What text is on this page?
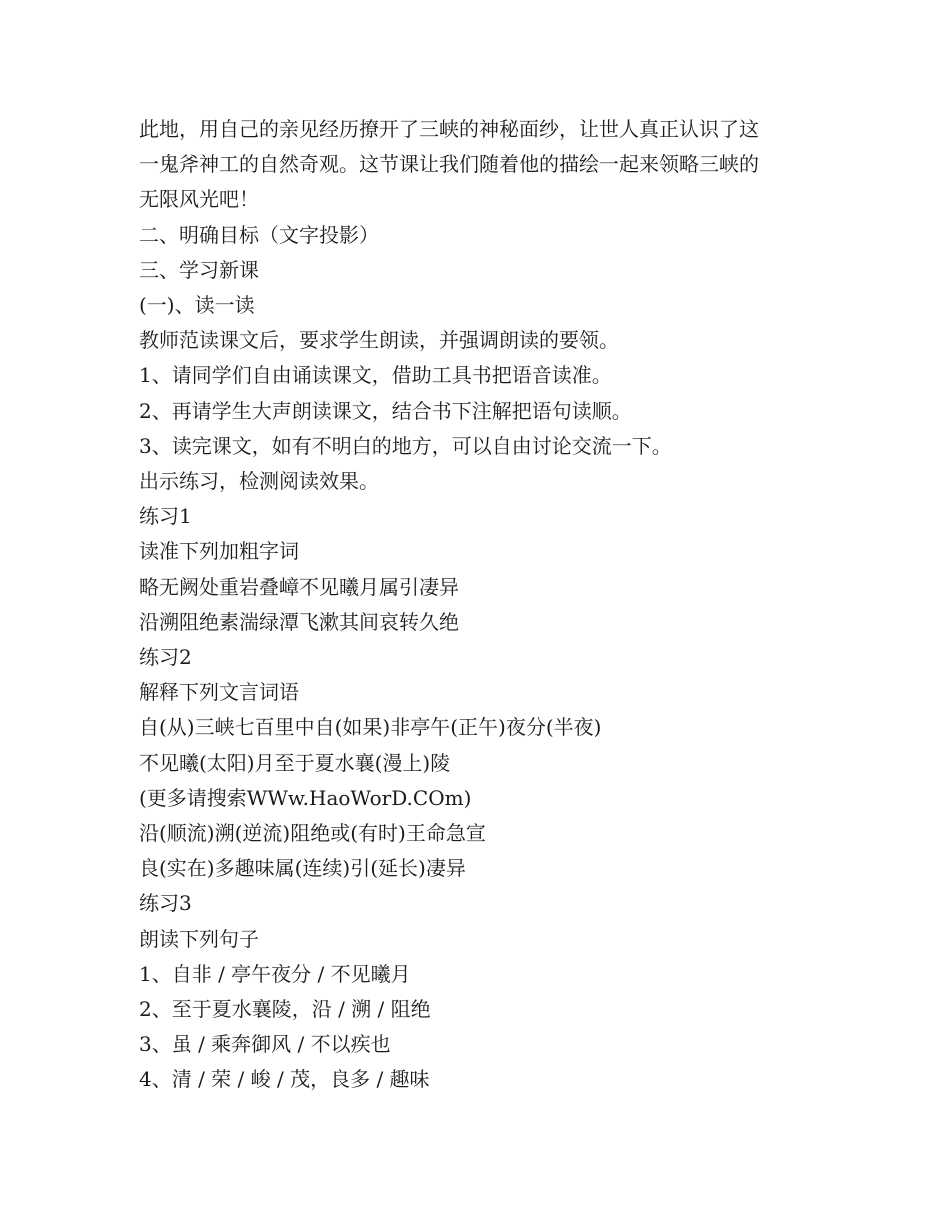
此地，用自己的亲见经历撩开了三峡的神秘面纱，让世人真正认识了这
一鬼斧神工的自然奇观。这节课让我们随着他的描绘一起来领略三峡的
无限风光吧！
二、明确目标（文字投影）
三、学习新课
(一)、读一读
教师范读课文后，要求学生朗读，并强调朗读的要领。
1、请同学们自由诵读课文，借助工具书把语音读准。
2、再请学生大声朗读课文，结合书下注解把语句读顺。
3、读完课文，如有不明白的地方，可以自由讨论交流一下。
出示练习，检测阅读效果。
练习1
读准下列加粗字词
略无阙处重岩叠嶂不见曦月属引凄异
沿溯阻绝素湍绿潭飞漱其间哀转久绝
练习2
解释下列文言词语
自(从)三峡七百里中自(如果)非亭午(正午)夜分(半夜)
不见曦(太阳)月至于夏水襄(漫上)陵
(更多请搜索WWw.HaoWorD.COm)
沿(顺流)溯(逆流)阻绝或(有时)王命急宣
良(实在)多趣味属(连续)引(延长)凄异
练习3
朗读下列句子
1、自非 / 亭午夜分 / 不见曦月
2、至于夏水襄陵，沿 / 溯 / 阻绝
3、虽 / 乘奔御风 / 不以疾也
4、清 / 荣 / 峻 / 茂，良多 / 趣味
